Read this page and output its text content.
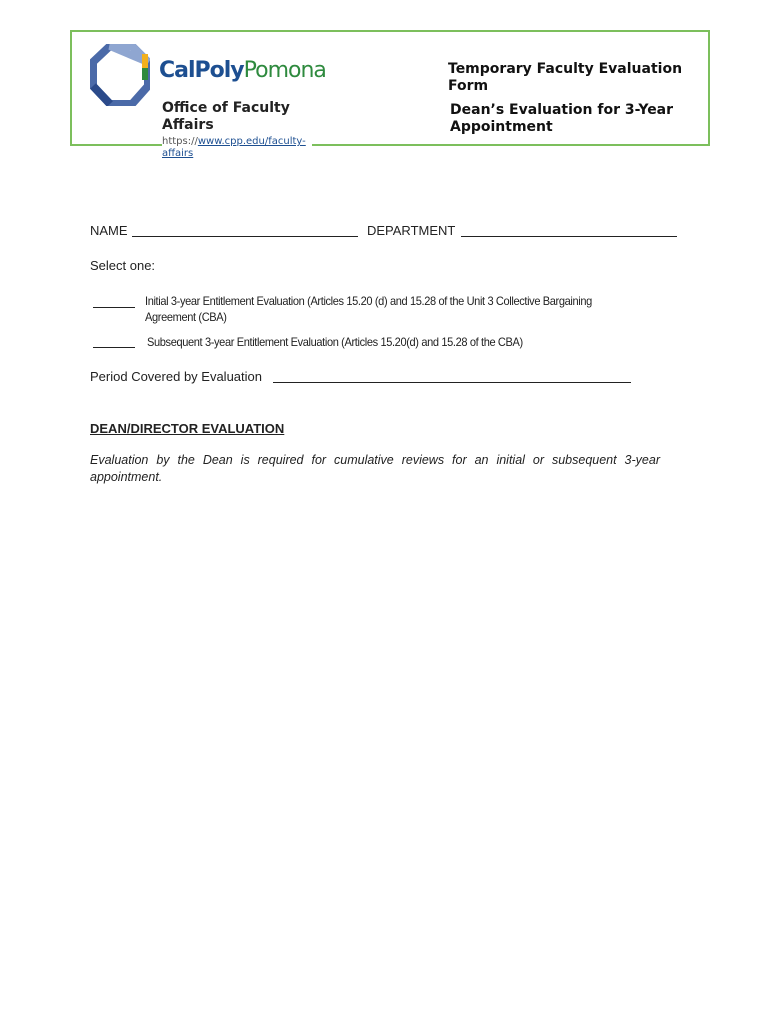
CalPolyPomona
Office of Faculty Affairs
https://www.cpp.edu/faculty-affairs
Temporary Faculty Evaluation Form
Dean’s Evaluation for 3-Year Appointment
NAME	DEPARTMENT
Select one:
Initial 3-year Entitlement Evaluation (Articles 15.20 (d) and 15.28 of the Unit 3 Collective Bargaining Agreement (CBA)
Subsequent 3-year Entitlement Evaluation (Articles 15.20(d) and 15.28 of the CBA)
Period Covered by Evaluation
DEAN/DIRECTOR EVALUATION
Evaluation by the Dean is required for cumulative reviews for an initial or subsequent 3-year appointment.
